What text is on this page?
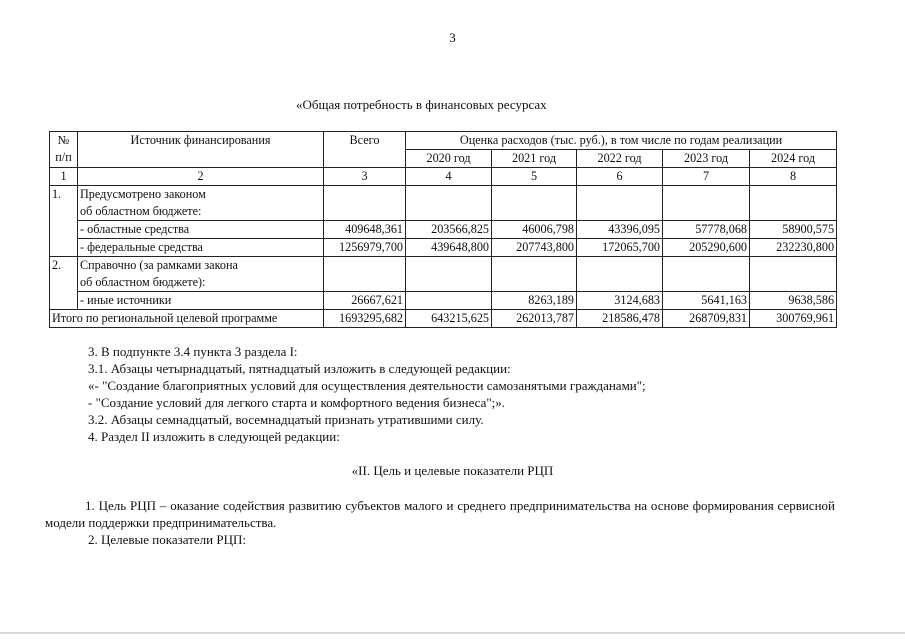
3
«Общая потребность в финансовых ресурсах
№ п/п	Источник финансирования	Всего	Оценка расходов (тыс. руб.), в том числе по годам реализации				
			2020 год	2021 год	2022 год	2023 год	2024 год
1	2	3	4	5	6	7	8
1.	Предусмотрено законом						
	об областном бюджете:						
	- областные средства	409648,361	203566,825	46006,798	43396,095	57778,068	58900,575
	- федеральные средства	1256979,700	439648,800	207743,800	172065,700	205290,600	232230,800
2.	Справочно (за рамками закона						
	об областном бюджете):						
	- иные источники	26667,621		8263,189	3124,683	5641,163	9638,586
Итого по региональной целевой программе		1693295,682	643215,625	262013,787	218586,478	268709,831	300769,961
3. В подпункте 3.4 пункта 3 раздела I:
3.1. Абзацы четырнадцатый, пятнадцатый изложить в следующей редакции:
«- "Создание благоприятных условий для осуществления деятельности самозанятыми гражданами";
- "Создание условий для легкого старта и комфортного ведения бизнеса";».
3.2. Абзацы семнадцатый, восемнадцатый признать утратившими силу.
4. Раздел II изложить в следующей редакции:
«II. Цель и целевые показатели РЦП
1. Цель РЦП – оказание содействия развитию субъектов малого и среднего предпринимательства на основе формирования сервисной модели поддержки предпринимательства.
2. Целевые показатели РЦП:
